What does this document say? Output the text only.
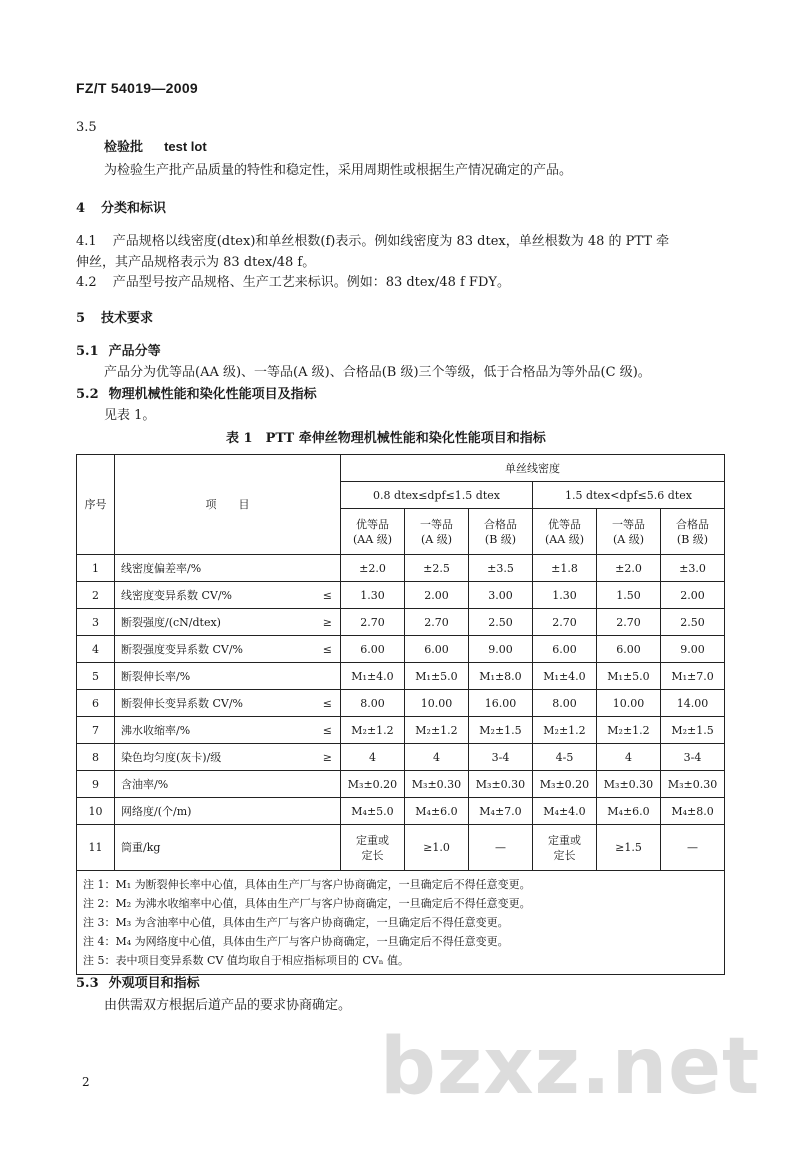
FZ/T 54019—2009
3.5
检验批 test lot
为检验生产批产品质量的特性和稳定性，采用周期性或根据生产情况确定的产品。
4 分类和标识
4.1 产品规格以线密度(dtex)和单丝根数(f)表示。例如线密度为 83 dtex，单丝根数为 48 的 PTT 牵
伸丝，其产品规格表示为 83 dtex/48 f。
4.2 产品型号按产品规格、生产工艺来标识。例如：83 dtex/48 f FDY。
5 技术要求
5.1 产品分等
产品分为优等品(AA 级)、一等品(A 级)、合格品(B 级)三个等级，低于合格品为等外品(C 级)。
5.2 物理机械性能和染化性能项目及指标
见表 1。
表 1　PTT 牵伸丝物理机械性能和染化性能项目和指标
序号	项　　目	单丝线密度					
		0.8 dtex≤dpf≤1.5 dtex			1.5 dtex<dpf≤5.6 dtex		
		优等品
(AA 级)	一等品
(A 级)	合格品
(B 级)	优等品
(AA 级)	一等品
(A 级)	合格品
(B 级)
1	线密度偏差率/%	±2.0	±2.5	±3.5	±1.8	±2.0	±3.0
2	线密度变异系数 CV/% ≤	1.30	2.00	3.00	1.30	1.50	2.00
3	断裂强度/(cN/dtex) ≥	2.70	2.70	2.50	2.70	2.70	2.50
4	断裂强度变异系数 CV/% ≤	6.00	6.00	9.00	6.00	6.00	9.00
5	断裂伸长率/%	M₁±4.0	M₁±5.0	M₁±8.0	M₁±4.0	M₁±5.0	M₁±7.0
6	断裂伸长变异系数 CV/% ≤	8.00	10.00	16.00	8.00	10.00	14.00
7	沸水收缩率/% ≤	M₂±1.2	M₂±1.2	M₂±1.5	M₂±1.2	M₂±1.2	M₂±1.5
8	染色均匀度(灰卡)/级 ≥	4	4	3-4	4-5	4	3-4
9	含油率/%	M₃±0.20	M₃±0.30	M₃±0.30	M₃±0.20	M₃±0.30	M₃±0.30
10	网络度/(个/m)	M₄±5.0	M₄±6.0	M₄±7.0	M₄±4.0	M₄±6.0	M₄±8.0
11	筒重/kg	定重或
定长	≥1.0	—	定重或
定长	≥1.5	—

注 1：M₁ 为断裂伸长率中心值，具体由生产厂与客户协商确定，一旦确定后不得任意变更。
注 2：M₂ 为沸水收缩率中心值，具体由生产厂与客户协商确定，一旦确定后不得任意变更。
注 3：M₃ 为含油率中心值，具体由生产厂与客户协商确定，一旦确定后不得任意变更。
注 4：M₄ 为网络度中心值，具体由生产厂与客户协商确定，一旦确定后不得任意变更。
注 5：表中项目变异系数 CV 值均取自于相应指标项目的 CVₙ 值。							
5.3 外观项目和指标
由供需双方根据后道产品的要求协商确定。
bzxz.net
2
